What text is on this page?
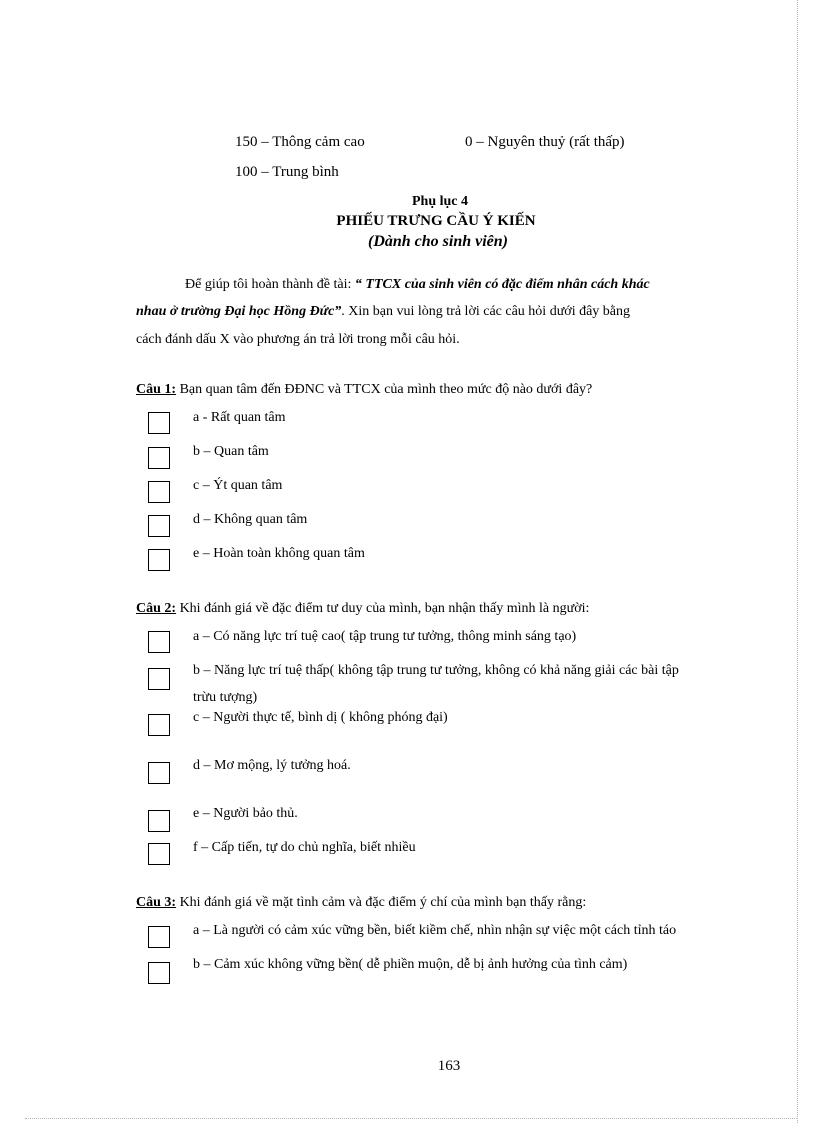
150 – Thông cảm cao	0 – Nguyên thuỷ (rất thấp)
100 – Trung bình
Phụ lục 4
PHIẾU TRƯNG CẦU Ý KIẾN
(Dành cho sinh viên)
Để giúp tôi hoàn thành đề tài: “ TTCX của sinh viên có đặc điểm nhân cách khác
nhau ở trường Đại học Hồng Đức”. Xin bạn vui lòng trả lời các câu hỏi dưới đây bằng
cách đánh dấu X vào phương án trả lời trong mỗi câu hỏi.
Câu 1: Bạn quan tâm đến ĐĐNC và TTCX của mình theo mức độ nào dưới đây?
a - Rất quan tâm
b – Quan tâm
c – Ýt quan tâm
d – Không quan tâm
e – Hoàn toàn không quan tâm
Câu 2: Khi đánh giá về đặc điểm tư duy của mình, bạn nhận thấy mình là người:
a – Có năng lực trí tuệ cao( tập trung tư tưởng, thông minh sáng tạo)
b – Năng lực trí tuệ thấp( không tập trung tư tưởng, không có khả năng giải các bài tập
trừu tượng)
c – Người thực tế, bình dị ( không phóng đại)
d – Mơ mộng, lý tưởng hoá.
e – Người bảo thủ.
f – Cấp tiến, tự do chủ nghĩa, biết nhiều
Câu 3: Khi đánh giá về mặt tình cảm và đặc điểm ý chí của mình bạn thấy rằng:
a – Là người có cảm xúc vững bền, biết kiềm chế, nhìn nhận sự việc một cách tỉnh táo
b – Cảm xúc không vững bền( dễ phiền muộn, dễ bị ảnh hưởng của tình cảm)
163
